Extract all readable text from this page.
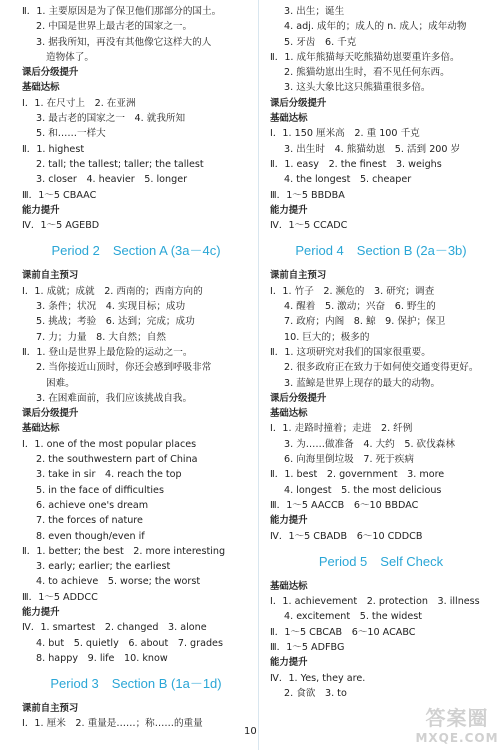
Ⅱ．1. 主要原因是为了保卫他们那部分的国土。
2. 中国是世界上最古老的国家之一。
3. 据我所知，再没有其他像它这样大的人
造物体了。
课后分级提升
基础达标
Ⅰ．1. 在尺寸上　2. 在亚洲
3. 最古老的国家之一　4. 就我所知
5. 和……一样大
Ⅱ．1. highest
2. tall; the tallest; taller; the tallest
3. closer　4. heavier　5. longer
Ⅲ．1～5 CBAAC
能力提升
Ⅳ．1～5 AGEBD
Period 2　Section A (3a－4c)
课前自主预习
Ⅰ．1. 成就；成就　2. 西南的；西南方向的
3. 条件；状况　4. 实现目标；成功
5. 挑战；考验　6. 达到；完成；成功
7. 力；力量　8. 大自然；自然
Ⅱ．1. 登山是世界上最危险的运动之一。
2. 当你接近山顶时，你还会感到呼吸非常
困难。
3. 在困难面前，我们应该挑战自我。
课后分级提升
基础达标
Ⅰ．1. one of the most popular places
2. the southwestern part of China
3. take in sir　4. reach the top
5. in the face of difficulties
6. achieve one's dream
7. the forces of nature
8. even though/even if
Ⅱ．1. better; the best　2. more interesting
3. early; earlier; the earliest
4. to achieve　5. worse; the worst
Ⅲ．1～5 ADDCC
能力提升
Ⅳ．1. smartest　2. changed　3. alone
4. but　5. quietly　6. about　7. grades
8. happy　9. life　10. know
Period 3　Section B (1a－1d)
课前自主预习
Ⅰ．1. 厘米　2. 重量是……；称……的重量
3. 出生；诞生
4. adj. 成年的；成人的 n. 成人；成年动物
5. 牙齿　6. 千克
Ⅱ．1. 成年熊猫每天吃熊猫幼崽要重许多倍。
2. 熊猫幼崽出生时，看不见任何东西。
3. 这头大象比这只熊猫重很多倍。
课后分级提升
基础达标
Ⅰ．1. 150 厘米高　2. 重 100 千克
3. 出生时　4. 熊猫幼崽　5. 活到 200 岁
Ⅱ．1. easy　2. the finest　3. weighs
4. the longest　5. cheaper
Ⅲ．1～5 BBDBA
能力提升
Ⅳ．1～5 CCADC
Period 4　Section B (2a－3b)
课前自主预习
Ⅰ．1. 竹子　2. 濒危的　3. 研究；调查
4. 醒着　5. 激动；兴奋　6. 野生的
7. 政府；内阁　8. 鲸　9. 保护；保卫
10. 巨大的；极多的
Ⅱ．1. 这项研究对我们的国家很重要。
2. 很多政府正在致力于如何使交通变得更好。
3. 蓝鲸是世界上现存的最大的动物。
课后分级提升
基础达标
Ⅰ．1. 走路时撞着；走进　2. 纤例
3. 为……做准备　4. 大约　5. 砍伐森林
6. 向海里倒垃圾　7. 死于疾病
Ⅱ．1. best　2. government　3. more
4. longest　5. the most delicious
Ⅲ．1～5 AACCB　6～10 BBDAC
能力提升
Ⅳ．1～5 CBADB　6～10 CDDCB
Period 5　Self Check
基础达标
Ⅰ．1. achievement　2. protection　3. illness
4. excitement　5. the widest
Ⅱ．1～5 CBCAB　6～10 ACABC
Ⅲ．1～5 ADFBG
能力提升
Ⅳ．1. Yes, they are.
2. 食欲　3. to
10
答案圈
MXQE.COM
